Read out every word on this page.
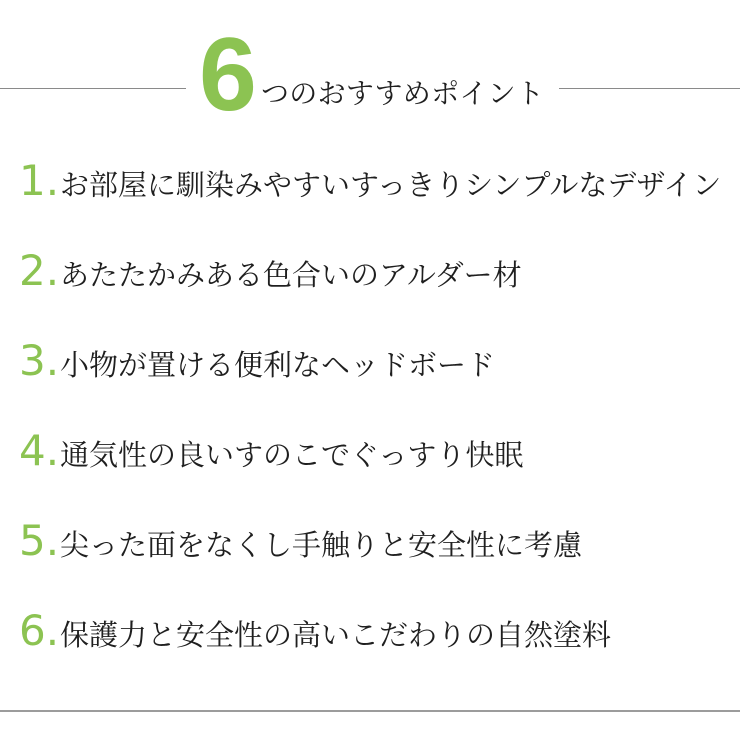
6 つのおすすめポイント
1. お部屋に馴染みやすいすっきりシンプルなデザイン
2. あたたかみある色合いのアルダー材
3. 小物が置ける便利なヘッドボード
4. 通気性の良いすのこでぐっすり快眠
5. 尖った面をなくし手触りと安全性に考慮
6. 保護力と安全性の高いこだわりの自然塗料
